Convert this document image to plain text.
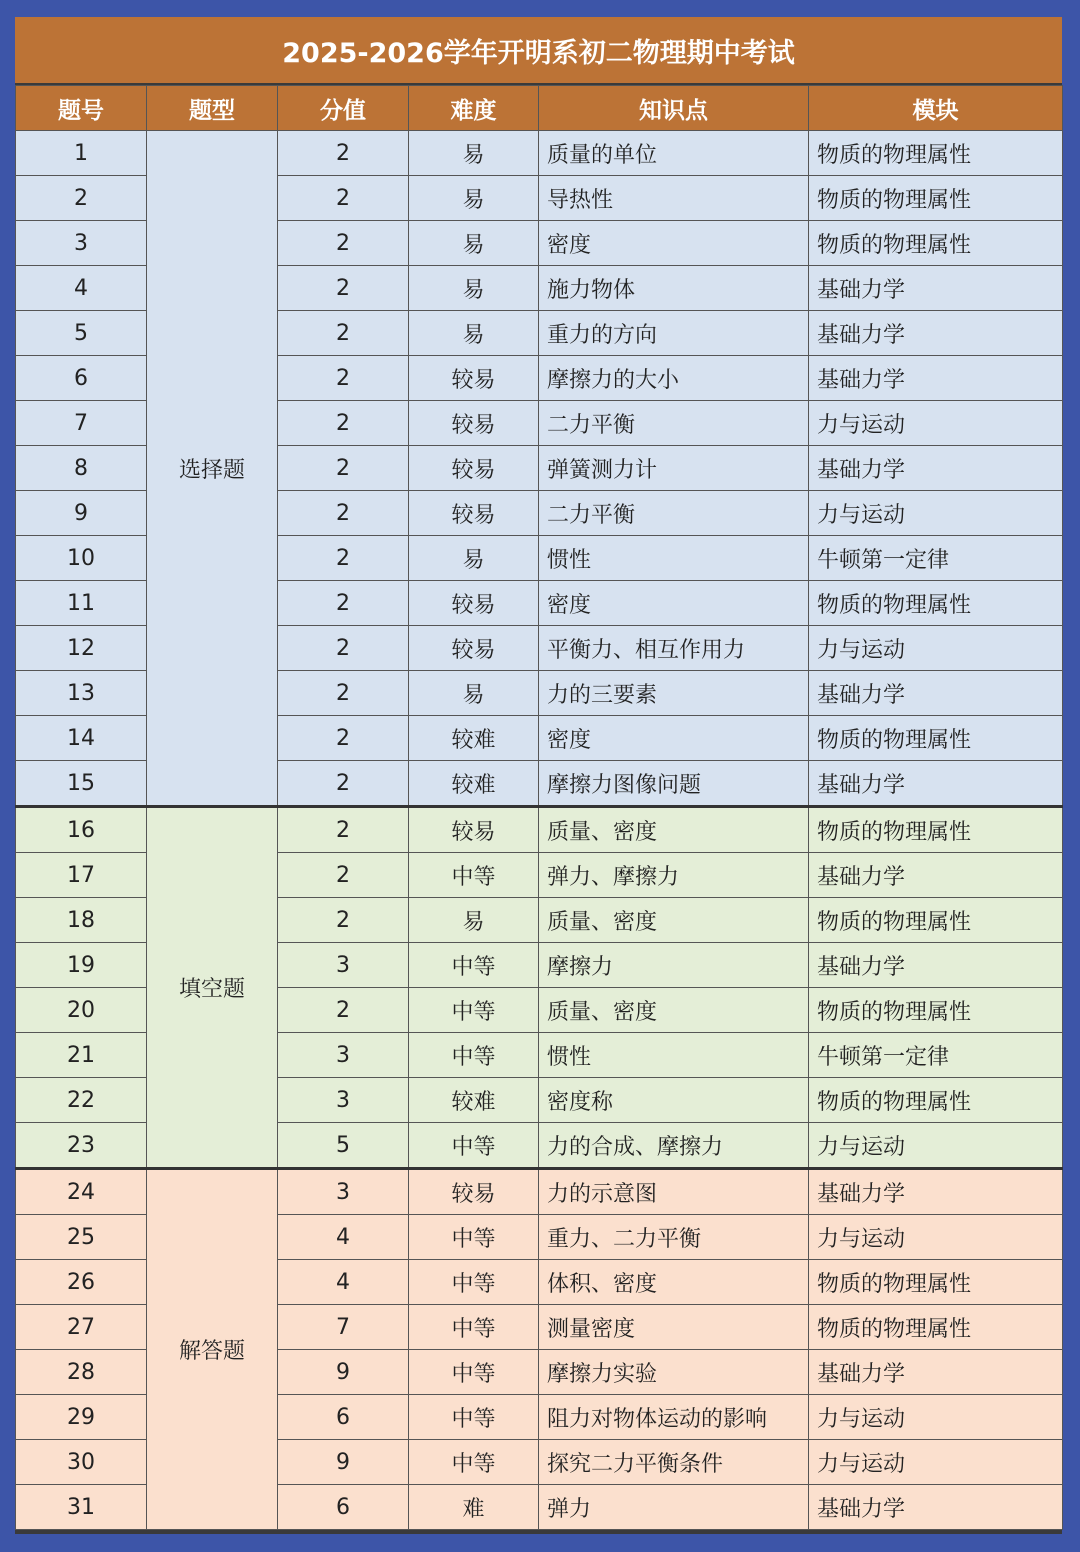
2025-2026学年开明系初二物理期中考试
题号	题型	分值	难度	知识点	模块
1	选择题	2	易	质量的单位	物质的物理属性
2		2	易	导热性	物质的物理属性
3		2	易	密度	物质的物理属性
4		2	易	施力物体	基础力学
5		2	易	重力的方向	基础力学
6		2	较易	摩擦力的大小	基础力学
7		2	较易	二力平衡	力与运动
8		2	较易	弹簧测力计	基础力学
9		2	较易	二力平衡	力与运动
10		2	易	惯性	牛顿第一定律
11		2	较易	密度	物质的物理属性
12		2	较易	平衡力、相互作用力	力与运动
13		2	易	力的三要素	基础力学
14		2	较难	密度	物质的物理属性
15		2	较难	摩擦力图像问题	基础力学
16	填空题	2	较易	质量、密度	物质的物理属性
17		2	中等	弹力、摩擦力	基础力学
18		2	易	质量、密度	物质的物理属性
19		3	中等	摩擦力	基础力学
20		2	中等	质量、密度	物质的物理属性
21		3	中等	惯性	牛顿第一定律
22		3	较难	密度称	物质的物理属性
23		5	中等	力的合成、摩擦力	力与运动
24	解答题	3	较易	力的示意图	基础力学
25		4	中等	重力、二力平衡	力与运动
26		4	中等	体积、密度	物质的物理属性
27		7	中等	测量密度	物质的物理属性
28		9	中等	摩擦力实验	基础力学
29		6	中等	阻力对物体运动的影响	力与运动
30		9	中等	探究二力平衡条件	力与运动
31		6	难	弹力	基础力学
